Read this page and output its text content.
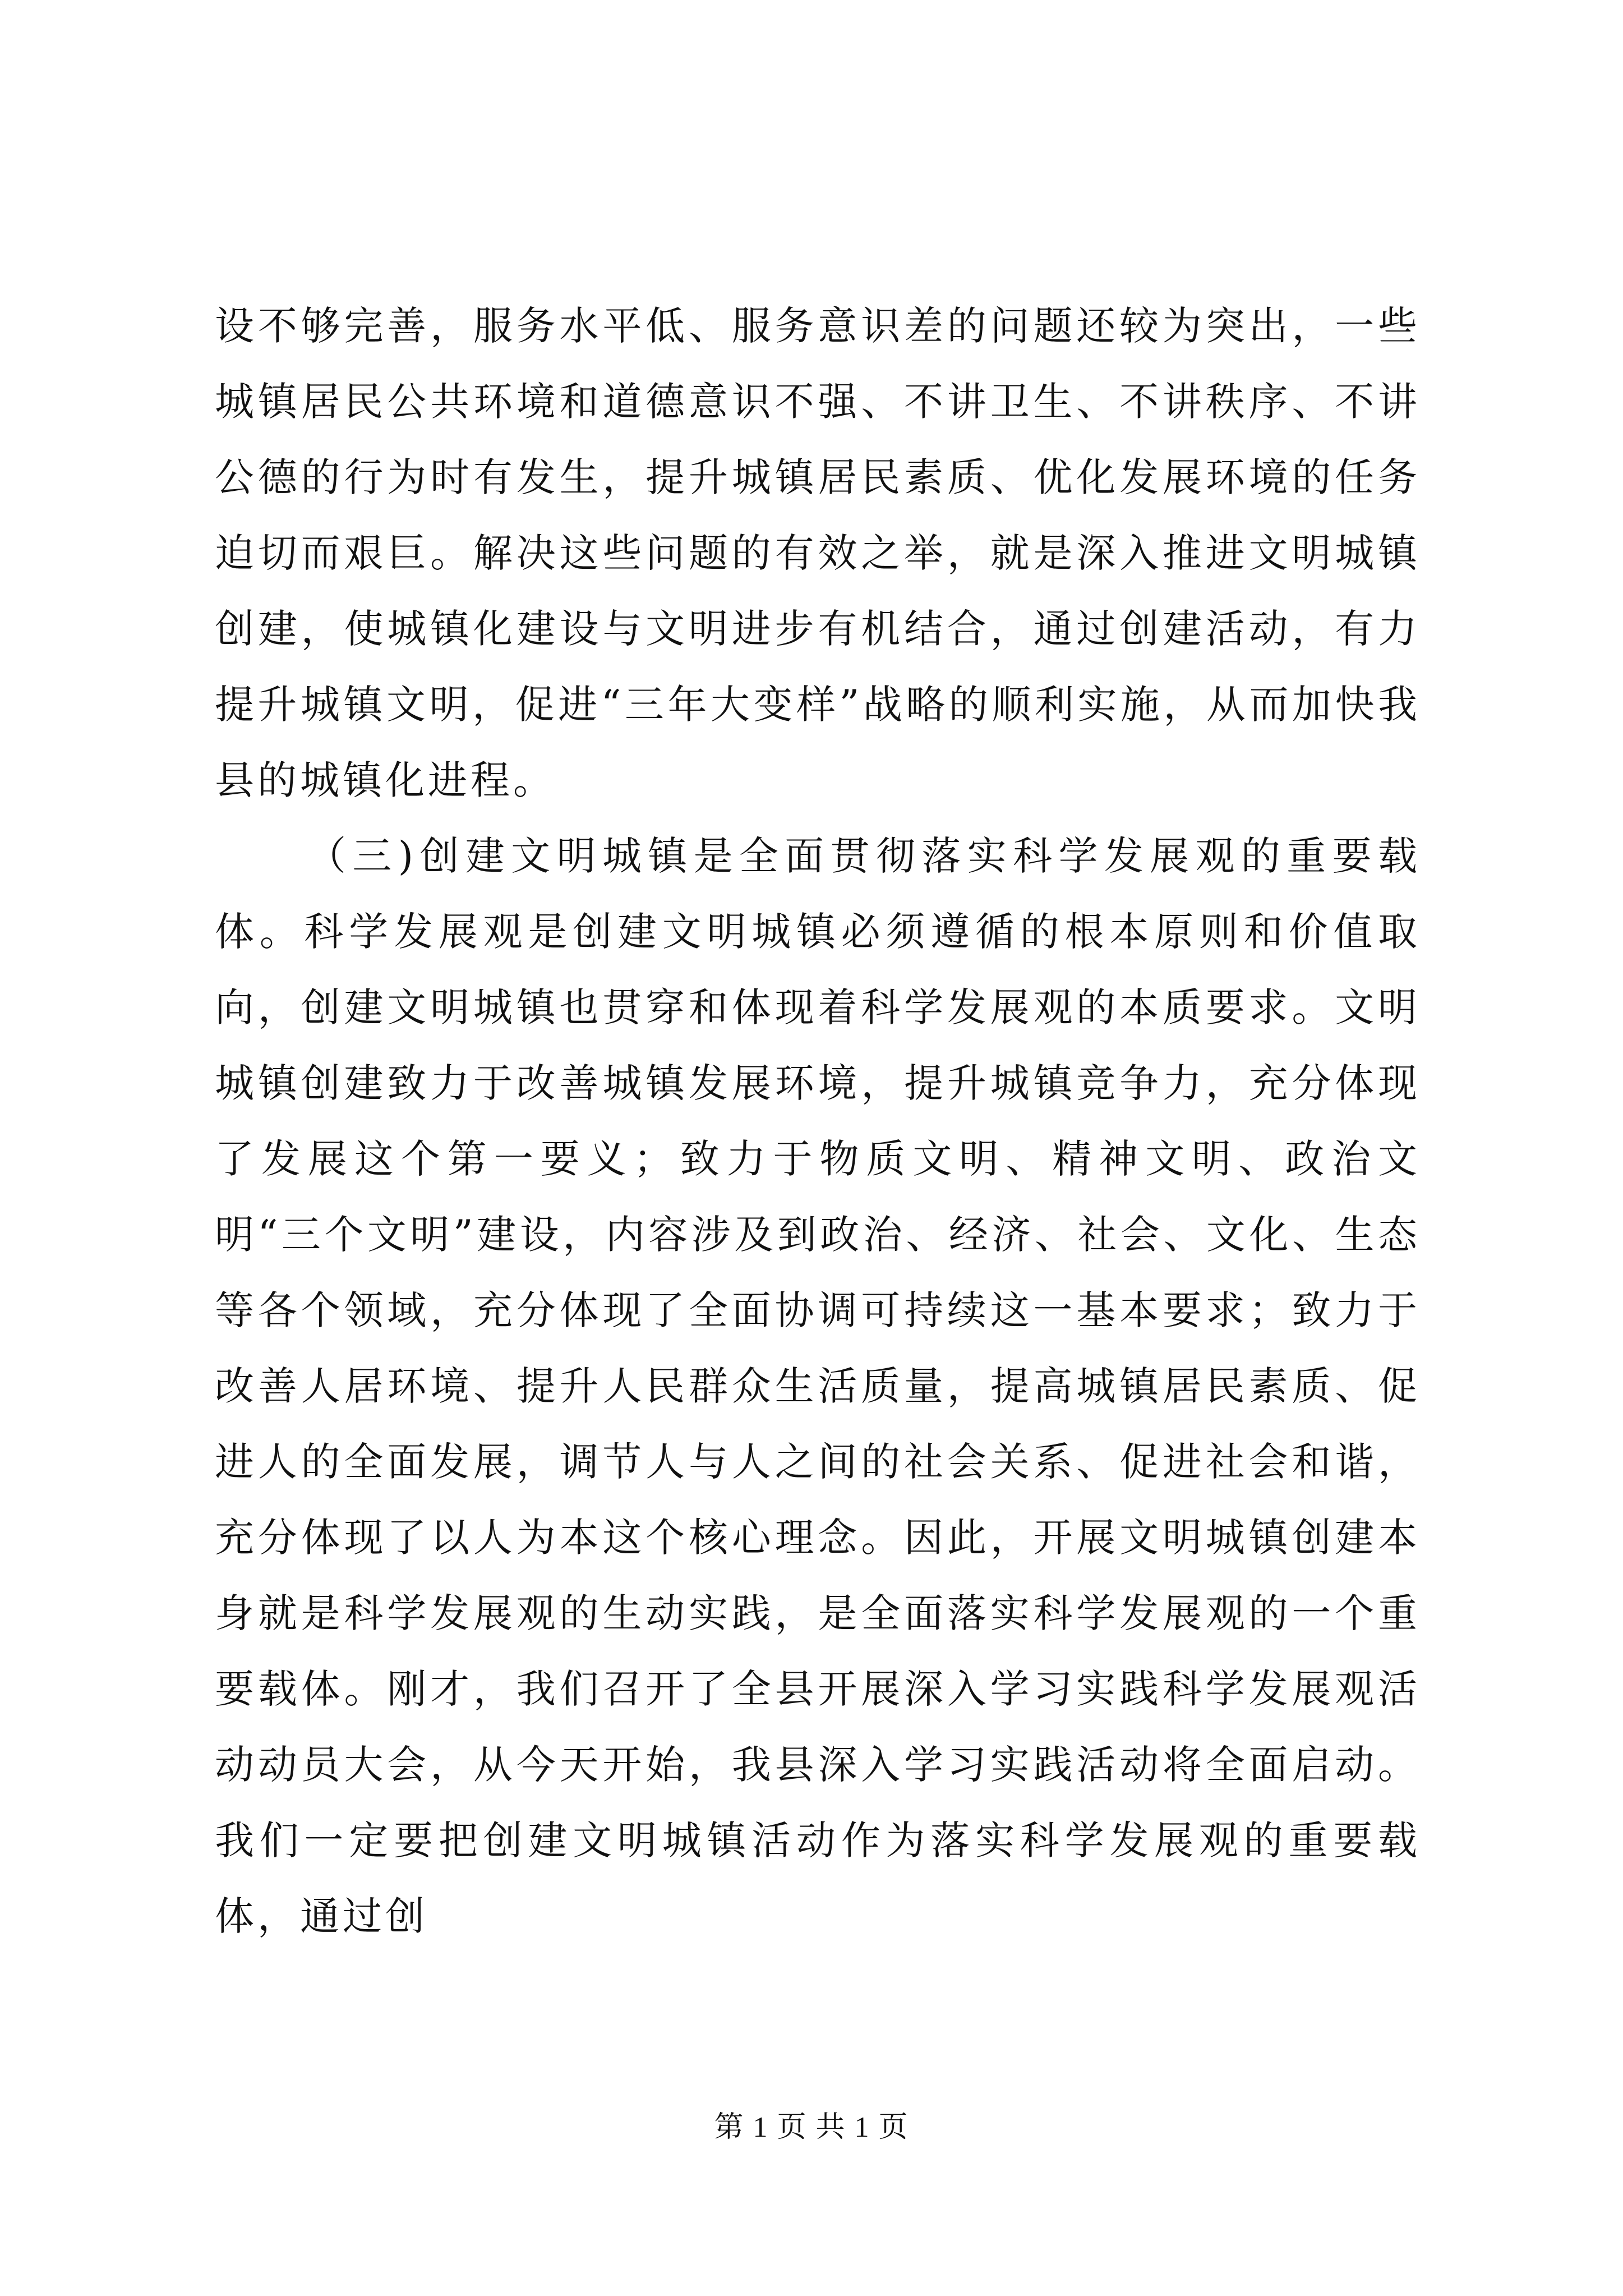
设不够完善，服务水平低、服务意识差的问题还较为突出，一些城镇居民公共环境和道德意识不强、不讲卫生、不讲秩序、不讲公德的行为时有发生，提升城镇居民素质、优化发展环境的任务迫切而艰巨。解决这些问题的有效之举，就是深入推进文明城镇创建，使城镇化建设与文明进步有机结合，通过创建活动，有力提升城镇文明，促进“三年大变样”战略的顺利实施，从而加快我县的城镇化进程。

（三)创建文明城镇是全面贯彻落实科学发展观的重要载体。科学发展观是创建文明城镇必须遵循的根本原则和价值取向，创建文明城镇也贯穿和体现着科学发展观的本质要求。文明城镇创建致力于改善城镇发展环境，提升城镇竞争力，充分体现了发展这个第一要义；致力于物质文明、精神文明、政治文明“三个文明”建设，内容涉及到政治、经济、社会、文化、生态等各个领域，充分体现了全面协调可持续这一基本要求；致力于改善人居环境、提升人民群众生活质量，提高城镇居民素质、促进人的全面发展，调节人与人之间的社会关系、促进社会和谐，充分体现了以人为本这个核心理念。因此，开展文明城镇创建本身就是科学发展观的生动实践，是全面落实科学发展观的一个重要载体。刚才，我们召开了全县开展深入学习实践科学发展观活动动员大会，从今天开始，我县深入学习实践活动将全面启动。我们一定要把创建文明城镇活动作为落实科学发展观的重要载体，通过创

第 1 页 共 1 页
